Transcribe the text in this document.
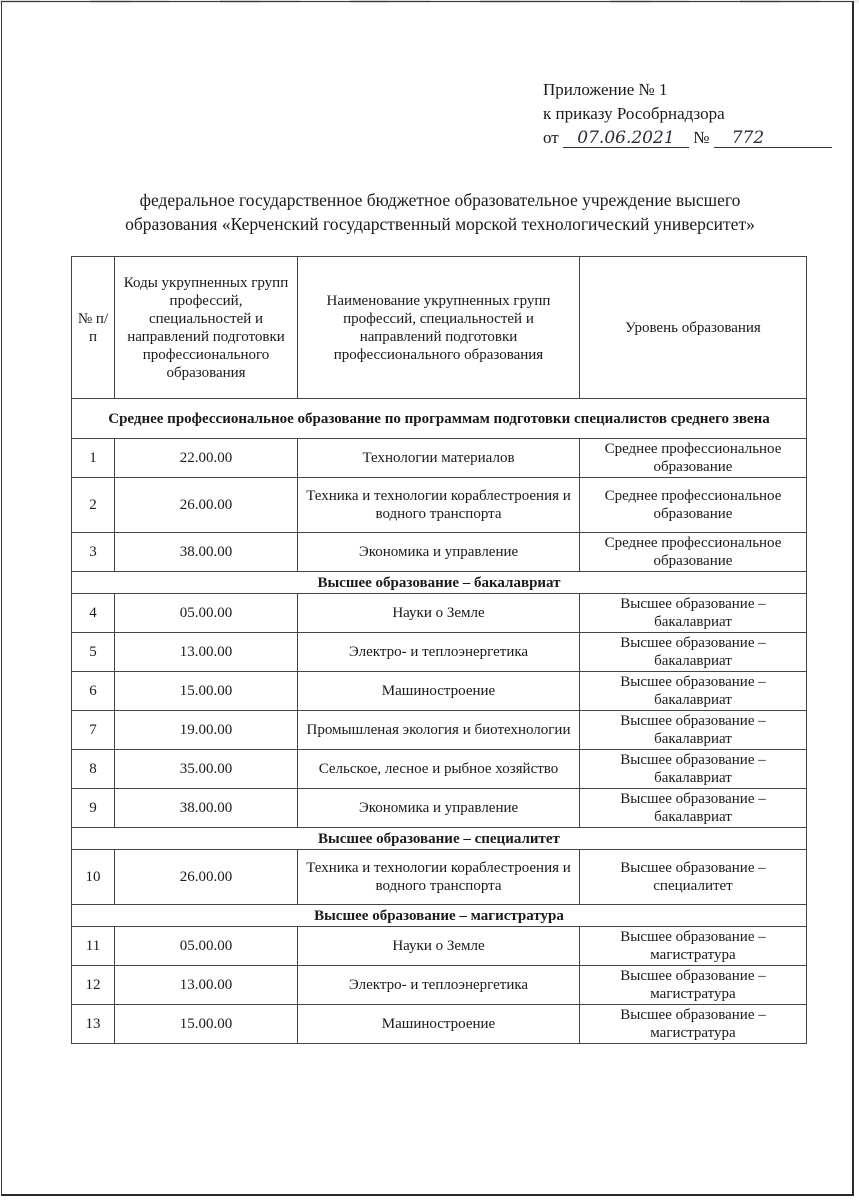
Приложение № 1
к приказу Рособрнадзора
от 07.06.2021 № 772
федеральное государственное бюджетное образовательное учреждение высшего
образования «Керченский государственный морской технологический университет»
№ п/п	Коды укрупненных групп профессий, специальностей и направлений подготовки профессионального образования	Наименование укрупненных групп профессий, специальностей и направлений подготовки профессионального образования	Уровень образования
Среднее профессиональное образование по программам подготовки специалистов среднего звена			
1	22.00.00	Технологии материалов	Среднее профессиональное образование
2	26.00.00	Техника и технологии кораблестроения и водного транспорта	Среднее профессиональное образование
3	38.00.00	Экономика и управление	Среднее профессиональное образование
Высшее образование – бакалавриат			
4	05.00.00	Науки о Земле	Высшее образование – бакалавриат
5	13.00.00	Электро- и теплоэнергетика	Высшее образование – бакалавриат
6	15.00.00	Машиностроение	Высшее образование – бакалавриат
7	19.00.00	Промышленая экология и биотехнологии	Высшее образование – бакалавриат
8	35.00.00	Сельское, лесное и рыбное хозяйство	Высшее образование – бакалавриат
9	38.00.00	Экономика и управление	Высшее образование – бакалавриат
Высшее образование – специалитет			
10	26.00.00	Техника и технологии кораблестроения и водного транспорта	Высшее образование – специалитет
Высшее образование – магистратура			
11	05.00.00	Науки о Земле	Высшее образование – магистратура
12	13.00.00	Электро- и теплоэнергетика	Высшее образование – магистратура
13	15.00.00	Машиностроение	Высшее образование – магистратура
